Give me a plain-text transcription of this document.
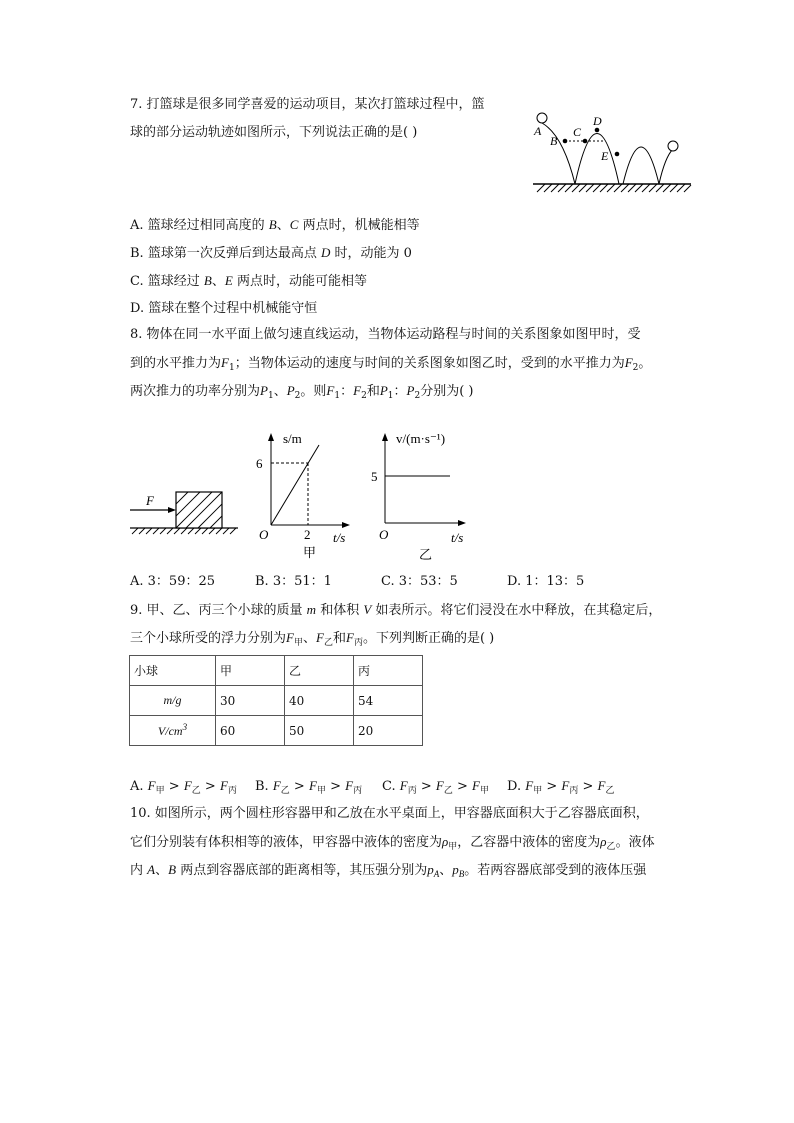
7. 打篮球是很多同学喜爱的运动项目，某次打篮球过程中，篮
球的部分运动轨迹如图所示，下列说法正确的是( )	A
B
C
D
E
A. 篮球经过相同高度的 B、C 两点时，机械能相等
B. 篮球第一次反弹后到达最高点 D 时，动能为 0
C. 篮球经过 B、E 两点时，动能可能相等
D. 篮球在整个过程中机械能守恒
8. 物体在同一水平面上做匀速直线运动，当物体运动路程与时间的关系图象如图甲时，受
到的水平推力为$F_1$；当物体运动的速度与时间的关系图象如图乙时，受到的水平推力为$F_2$。
两次推力的功率分别为$P_1$、$P_2$。则$F_1$：$F_2$和$P_1$：$P_2$分别为( )
F
s/m
6
2
O	t/s
甲
v/(m·s⁻¹)
5
O	t/s
乙
A. 3：59：25	B. 3：51：1	C. 3：53：5	D. 1：13：5
9. 甲、乙、丙三个小球的质量 m 和体积 V 如表所示。将它们浸没在水中释放，在其稳定后，
三个小球所受的浮力分别为$F_甲$、$F_乙$和$F_丙$。下列判断正确的是( )
小球	甲	乙	丙
m/g	30	40	54
$V/cm^3$	60	50	20
A. $F_甲 > F_乙 > F_丙$ B. $F_乙 > F_甲 > F_丙$ C. $F_丙 > F_乙 > F_甲$ D. $F_甲 > F_丙 > F_乙$
10. 如图所示，两个圆柱形容器甲和乙放在水平桌面上，甲容器底面积大于乙容器底面积，
它们分别装有体积相等的液体，甲容器中液体的密度为$\rho_甲$，乙容器中液体的密度为$\rho_乙$。液体
内 A、B 两点到容器底部的距离相等，其压强分别为$p_A$、$p_B$。若两容器底部受到的液体压强
